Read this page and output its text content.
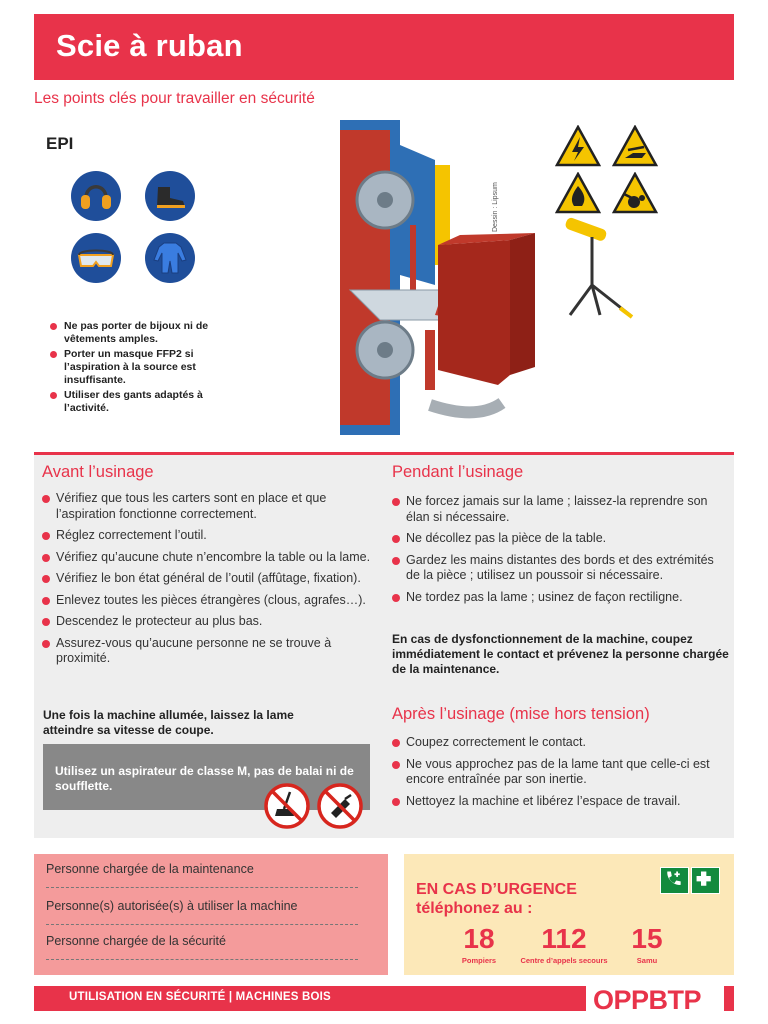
Scie à ruban
Les points clés pour travailler en sécurité
EPI
Ne pas porter de bijoux ni de vêtements amples.
Porter un masque FFP2 si l’aspiration à la source est insuffisante.
Utiliser des gants adaptés à l’activité.
Dessin : Lipsum
Avant l’usinage
Vérifiez que tous les carters sont en place et que l’aspiration fonctionne correctement.
Réglez correctement l’outil.
Vérifiez qu’aucune chute n’encombre la table ou la lame.
Vérifiez le bon état général de l’outil (affûtage, fixation).
Enlevez toutes les pièces étrangères (clous, agrafes…).
Descendez le protecteur au plus bas.
Assurez-vous qu’aucune personne ne se trouve à proximité.
Une fois la machine allumée, laissez la lame atteindre sa vitesse de coupe.
Utilisez un aspirateur de classe M, pas de balai ni de soufflette.
Pendant l’usinage
Ne forcez jamais sur la lame ; laissez-la reprendre son élan si nécessaire.
Ne décollez pas la pièce de la table.
Gardez les mains distantes des bords et des extrémités de la pièce ; utilisez un poussoir si nécessaire.
Ne tordez pas la lame ; usinez de façon rectiligne.
En cas de dysfonctionnement de la machine, coupez immédiatement le contact et prévenez la personne chargée de la maintenance.
Après l’usinage (mise hors tension)
Coupez correctement le contact.
Ne vous approchez pas de la lame tant que celle-ci est encore entraînée par son inertie.
Nettoyez la machine et libérez l’espace de travail.
Personne chargée de la maintenance
Personne(s) autorisée(s) à utiliser la machine
Personne chargée de la sécurité
EN CAS D’URGENCE
téléphonez au :
18
Pompiers
112
Centre d’appels secours
15
Samu
UTILISATION EN SÉCURITÉ | MACHINES BOIS	OPPBTP
